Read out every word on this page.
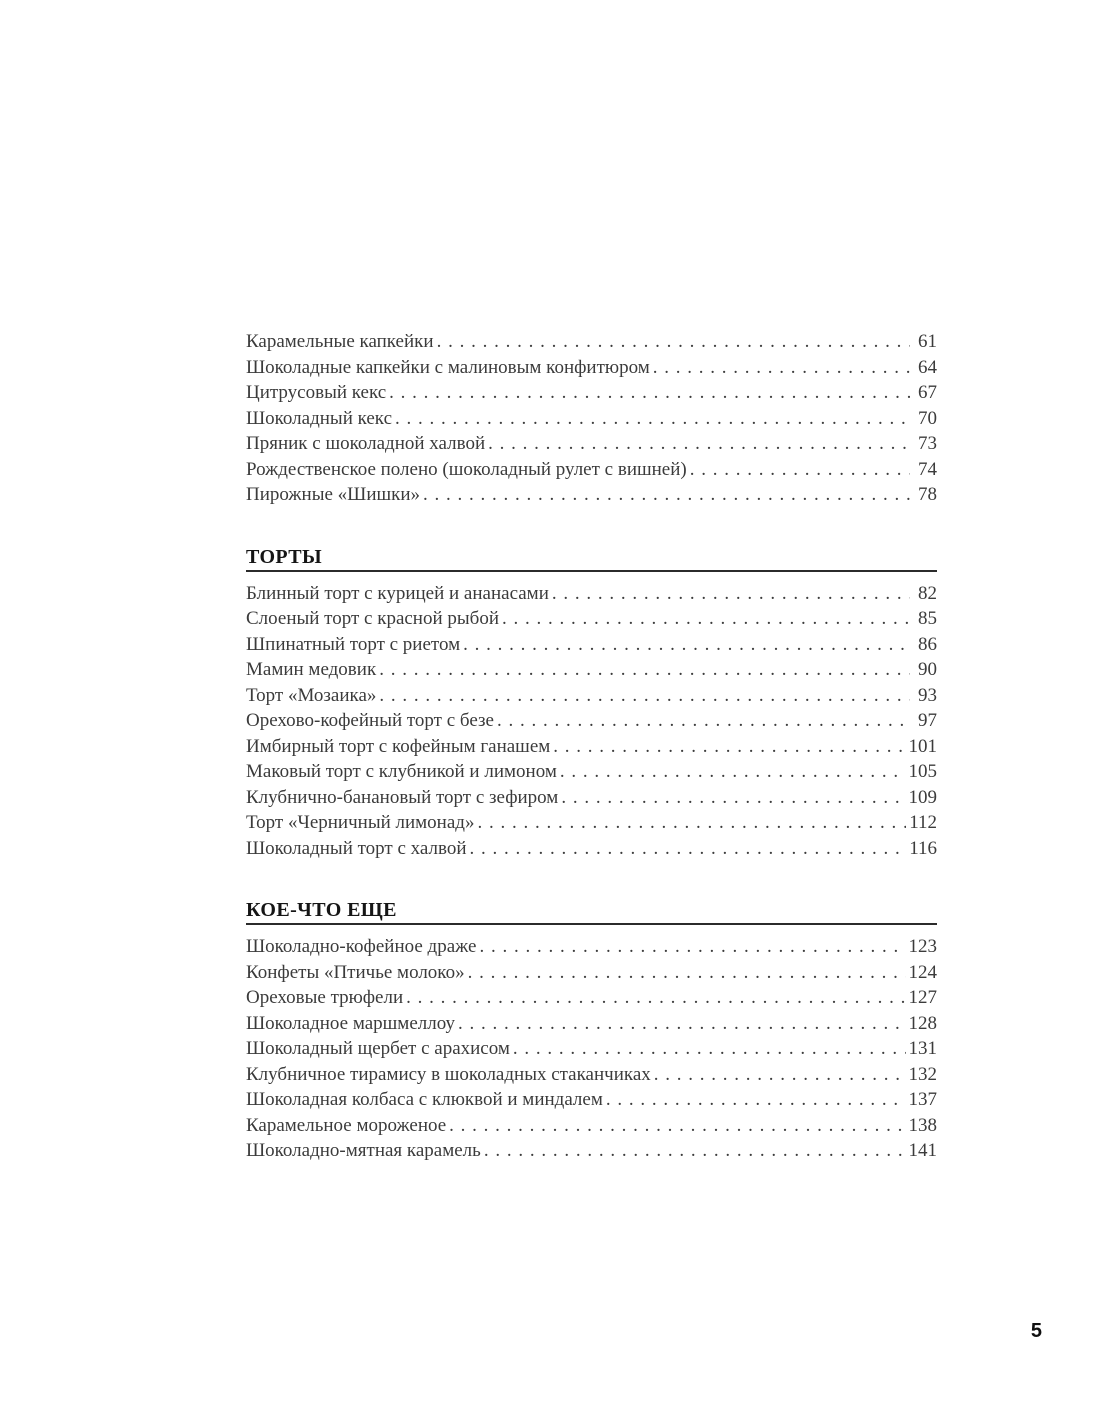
Карамельные капкейки . . .	61
Шоколадные капкейки с малиновым конфитюром . . .	64
Цитрусовый кекс . . .	67
Шоколадный кекс . . .	70
Пряник с шоколадной халвой . . .	73
Рождественское полено (шоколадный рулет с вишней) . . .	74
Пирожные «Шишки» . . .	78
ТОРТЫ
Блинный торт с курицей и ананасами . . .	82
Слоеный торт с красной рыбой . . .	85
Шпинатный торт с риетом . . .	86
Мамин медовик . . .	90
Торт «Мозаика» . . .	93
Орехово-кофейный торт с безе . . .	97
Имбирный торт с кофейным ганашем . . .	101
Маковый торт с клубникой и лимоном . . .	105
Клубнично-банановый торт с зефиром . . .	109
Торт «Черничный лимонад» . . .	112
Шоколадный торт с халвой . . .	116
КОЕ-ЧТО ЕЩЕ
Шоколадно-кофейное драже . . .	123
Конфеты «Птичье молоко» . . .	124
Ореховые трюфели . . .	127
Шоколадное маршмеллоу . . .	128
Шоколадный щербет с арахисом . . .	131
Клубничное тирамису в шоколадных стаканчиках . . .	132
Шоколадная колбаса с клюквой и миндалем . . .	137
Карамельное мороженое . . .	138
Шоколадно-мятная карамель . . .	141
5
